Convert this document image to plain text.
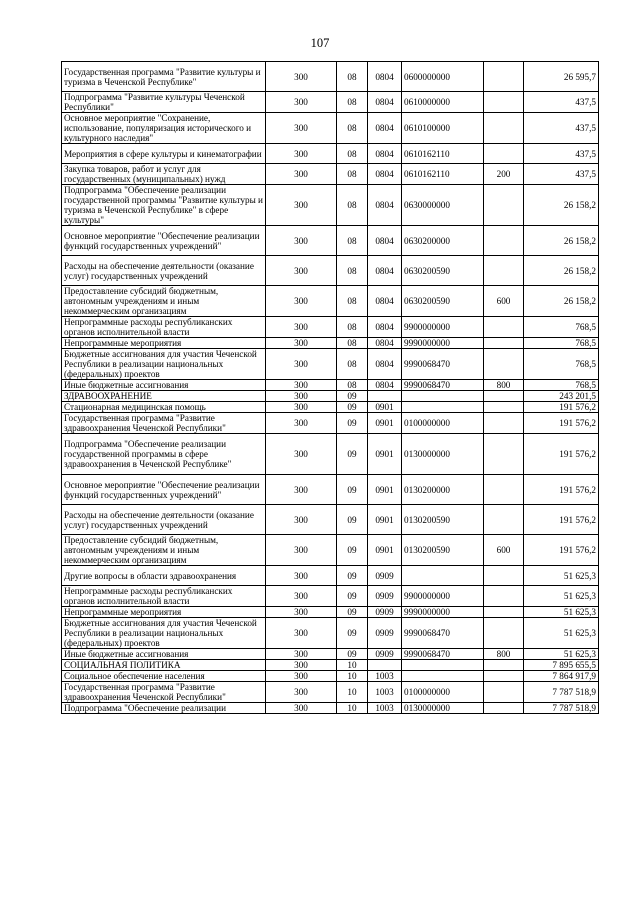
107
Государственная программа "Развитие культуры и туризма в Чеченской Республике"	300	08	0804	0600000000		26 595,7
Подпрограмма "Развитие культуры Чеченской Республики"	300	08	0804	0610000000		437,5
Основное мероприятие "Сохранение, использование, популяризация исторического и культурного наследия"	300	08	0804	0610100000		437,5
Мероприятия в сфере культуры и кинематографии	300	08	0804	0610162110		437,5
Закупка товаров, работ и услуг для государственных (муниципальных) нужд	300	08	0804	0610162110	200	437,5
Подпрограмма "Обеспечение реализации государственной программы "Развитие культуры и туризма в Чеченской Республике" в сфере культуры"	300	08	0804	0630000000		26 158,2
Основное мероприятие "Обеспечение реализации функций государственных учреждений"	300	08	0804	0630200000		26 158,2
Расходы на обеспечение деятельности (оказание услуг) государственных учреждений	300	08	0804	0630200590		26 158,2
Предоставление субсидий бюджетным, автономным учреждениям и иным некоммерческим организациям	300	08	0804	0630200590	600	26 158,2
Непрограммные расходы республиканских органов исполнительной власти	300	08	0804	9900000000		768,5
Непрограммные мероприятия	300	08	0804	9990000000		768,5
Бюджетные ассигнования для участия Чеченской Республики в реализации национальных (федеральных) проектов	300	08	0804	9990068470		768,5
Иные бюджетные ассигнования	300	08	0804	9990068470	800	768,5
ЗДРАВООХРАНЕНИЕ	300	09				243 201,5
Стационарная медицинская помощь	300	09	0901			191 576,2
Государственная программа "Развитие здравоохранения Чеченской Республики"	300	09	0901	0100000000		191 576,2
Подпрограмма "Обеспечение реализации государственной программы в сфере здравоохранения в Чеченской Республике"	300	09	0901	0130000000		191 576,2
Основное мероприятие "Обеспечение реализации функций государственных учреждений"	300	09	0901	0130200000		191 576,2
Расходы на обеспечение деятельности (оказание услуг) государственных учреждений	300	09	0901	0130200590		191 576,2
Предоставление субсидий бюджетным, автономным учреждениям и иным некоммерческим организациям	300	09	0901	0130200590	600	191 576,2
Другие вопросы в области здравоохранения	300	09	0909			51 625,3
Непрограммные расходы республиканских органов исполнительной власти	300	09	0909	9900000000		51 625,3
Непрограммные мероприятия	300	09	0909	9990000000		51 625,3
Бюджетные ассигнования для участия Чеченской Республики в реализации национальных (федеральных) проектов	300	09	0909	9990068470		51 625,3
Иные бюджетные ассигнования	300	09	0909	9990068470	800	51 625,3
СОЦИАЛЬНАЯ ПОЛИТИКА	300	10				7 895 655,5
Социальное обеспечение населения	300	10	1003			7 864 917,9
Государственная программа "Развитие здравоохранения Чеченской Республики"	300	10	1003	0100000000		7 787 518,9
Подпрограмма "Обеспечение реализации	300	10	1003	0130000000		7 787 518,9
